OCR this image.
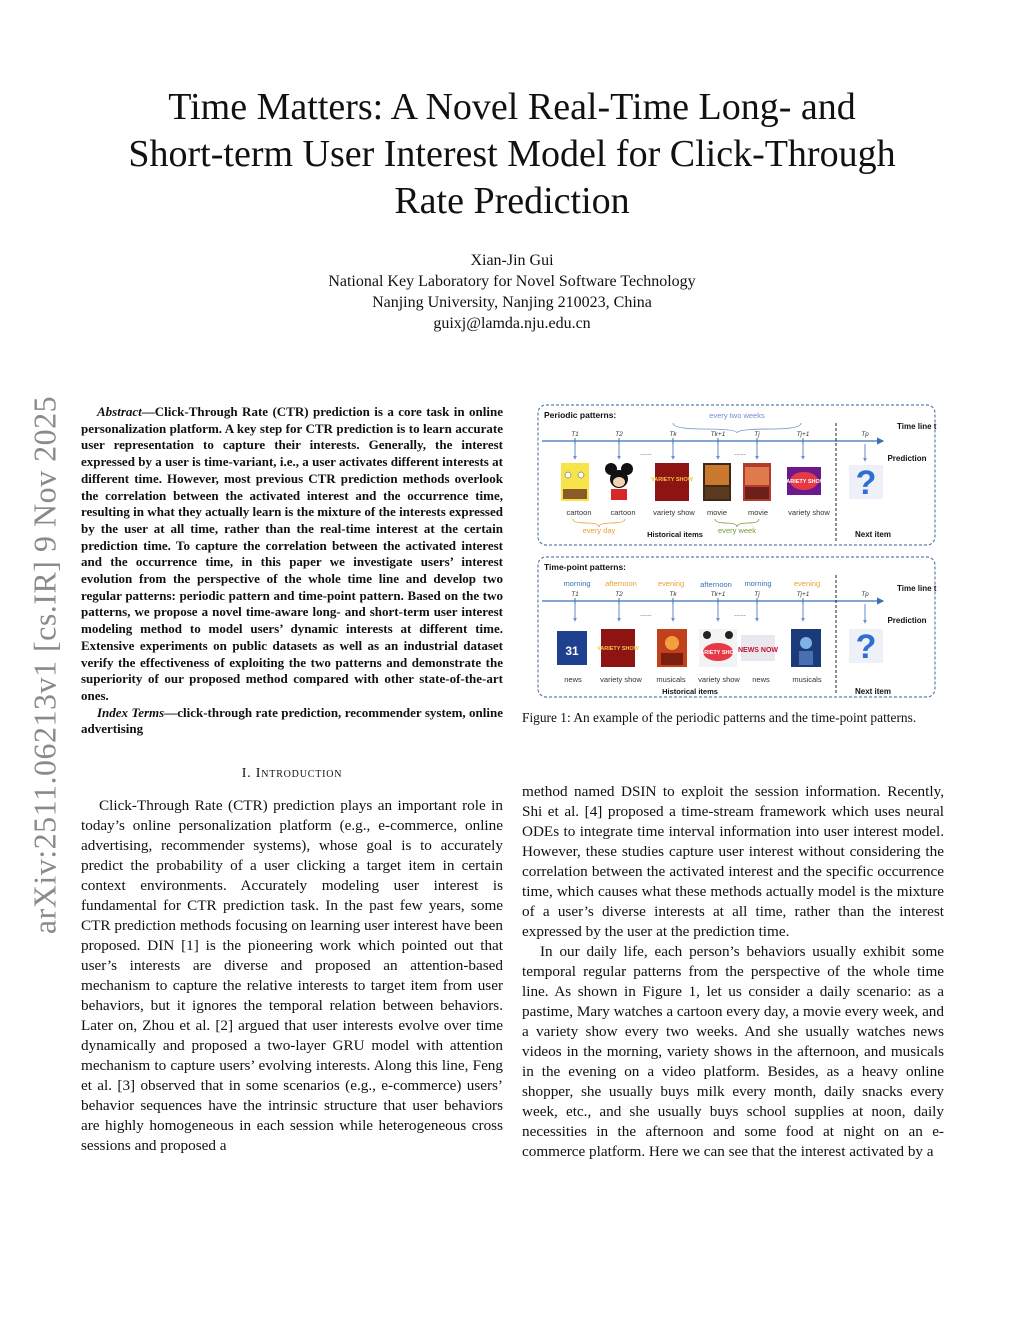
arXiv:2511.06213v1 [cs.IR] 9 Nov 2025
Time Matters: A Novel Real-Time Long- and
Short-term User Interest Model for Click-Through
Rate Prediction
Xian-Jin Gui
National Key Laboratory for Novel Software Technology
Nanjing University, Nanjing 210023, China
guixj@lamda.nju.edu.cn

Abstract—Click-Through Rate (CTR) prediction is a core task in online personalization platform. A key step for CTR prediction is to learn accurate user representation to capture their interests. Generally, the interest expressed by a user is time-variant, i.e., a user activates different interests at different time. However, most previous CTR prediction methods overlook the correlation between the activated interest and the occurrence time, resulting in what they actually learn is the mixture of the interests expressed by the user at all time, rather than the real-time interest at the certain prediction time. To capture the correlation between the activated interest and the occurrence time, in this paper we investigate users’ interest evolution from the perspective of the whole time line and develop two regular patterns: periodic pattern and time-point pattern. Based on the two patterns, we propose a novel time-aware long- and short-term user interest modeling method to model users’ dynamic interests at different time. Extensive experiments on public datasets as well as an industrial dataset verify the effectiveness of exploiting the two patterns and demonstrate the superiority of our proposed method compared with other state-of-the-art ones.

Index Terms—click-through rate prediction, recommender system, online advertising

I. Introduction

Click-Through Rate (CTR) prediction plays an important role in today’s online personalization platform (e.g., e-commerce, online advertising, recommender systems), whose goal is to accurately predict the probability of a user clicking a target item in certain context environments. Accurately modeling user interest is fundamental for CTR prediction task. In the past few years, some CTR prediction methods focusing on learning user interest have been proposed. DIN [1] is the pioneering work which pointed out that user’s interests are diverse and proposed an attention-based mechanism to capture the relative interests to target item from user behaviors, but it ignores the temporal relation between behaviors. Later on, Zhou et al. [2] argued that user interests evolve over time dynamically and proposed a two-layer GRU model with attention mechanism to capture users’ evolving interests. Along this line, Feng et al. [3] observed that in some scenarios (e.g., e-commerce) users’ behavior sequences have the intrinsic structure that user behaviors are highly homogeneous in each session while heterogeneous cross sessions and proposed a

Periodic patterns:	every two weeks
T1	T2	Tk	Tk+1	Tj	Tj+1	Tp
Time line t
......	......
Prediction
VARIETY SHOW	VARIETY SHOW ?
cartoon	cartoon variety show movie	movie	variety show
every day	every week
Historical items	Next item
Time-point patterns:
morning afternoon	evening afternoon morning	evening
T1	T2	Tk	Tk+1	Tj	Tj+1	Tp
Time line t
......	......
Prediction
31	VARIETY SHOW
VARIETY SHOW
NEWS NOW ?
news variety show musicals variety show news	musicals
Historical items	Next item
Figure 1: An example of the periodic patterns and the time-point patterns.

method named DSIN to exploit the session information. Recently, Shi et al. [4] proposed a time-stream framework which uses neural ODEs to integrate time interval information into user interest model. However, these studies capture user interest without considering the correlation between the activated interest and the specific occurrence time, which causes what these methods actually model is the mixture of a user’s diverse interests at all time, rather than the interest expressed by the user at the prediction time.

In our daily life, each person’s behaviors usually exhibit some temporal regular patterns from the perspective of the whole time line. As shown in Figure 1, let us consider a daily scenario: as a pastime, Mary watches a cartoon every day, a movie every week, and a variety show every two weeks. And she usually watches news videos in the morning, variety shows in the afternoon, and musicals in the evening on a video platform. Besides, as a heavy online shopper, she usually buys milk every month, daily snacks every week, etc., and she usually buys school supplies at noon, daily necessities in the afternoon and some food at night on an e-commerce platform. Here we can see that the interest activated by a
